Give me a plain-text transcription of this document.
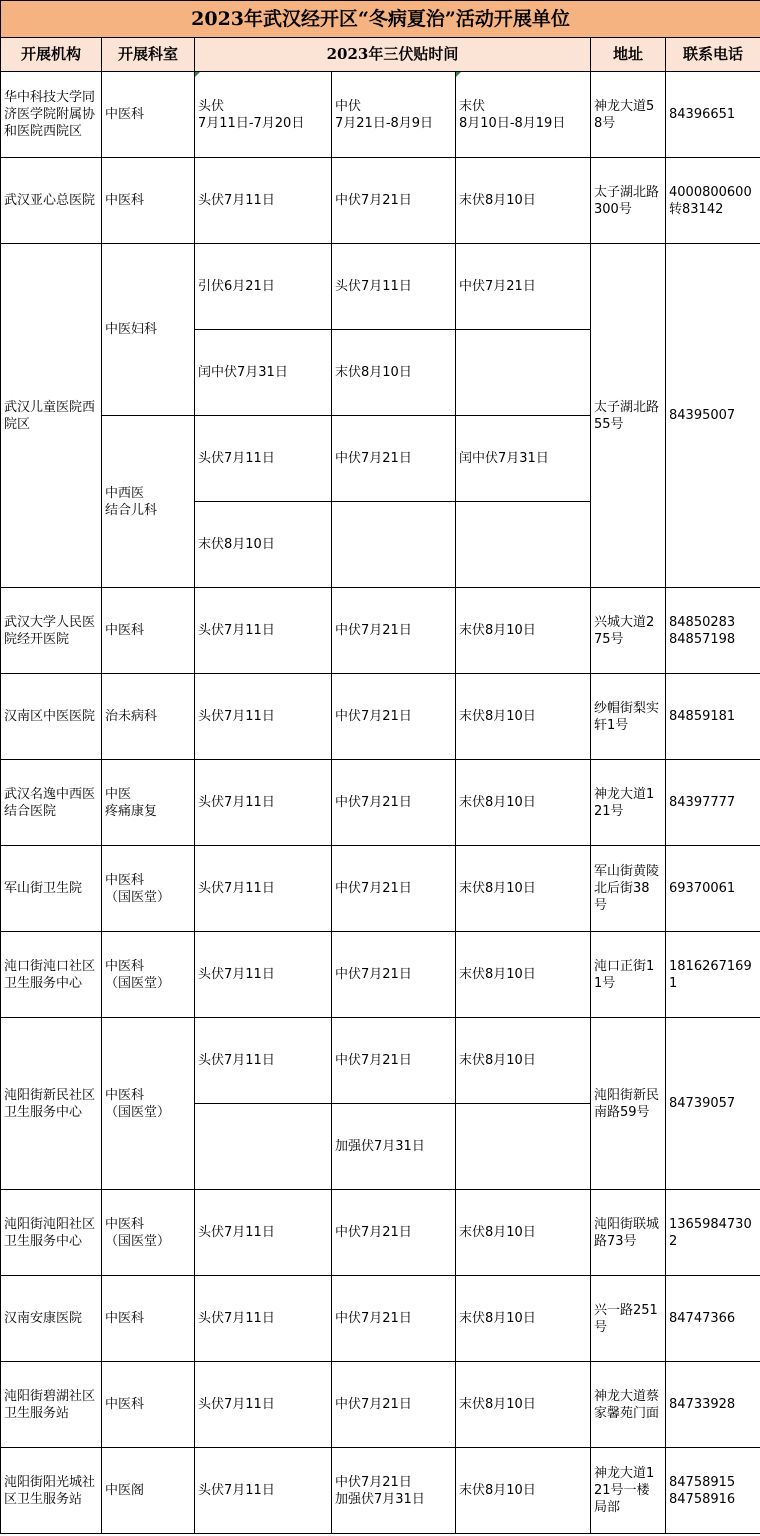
2023年武汉经开区“冬病夏治”活动开展单位						
开展机构	开展科室	2023年三伏贴时间			地址	联系电话
华中科技大学同济医学院附属协和医院西院区	中医科	头伏
7月11日-7月20日	中伏
7月21日-8月9日	末伏
8月10日-8月19日	神龙大道58号	84396651
武汉亚心总医院	中医科	头伏7月11日	中伏7月21日	末伏8月10日	太子湖北路300号	4000800600
转83142
武汉儿童医院西院区	中医妇科	引伏6月21日	头伏7月11日	中伏7月21日	太子湖北路55号	84395007
		闰中伏7月31日	末伏8月10日			
	中西医
结合儿科	头伏7月11日	中伏7月21日	闰中伏7月31日		
		末伏8月10日				
武汉大学人民医院经开医院	中医科	头伏7月11日	中伏7月21日	末伏8月10日	兴城大道275号	84850283
84857198
汉南区中医医院	治未病科	头伏7月11日	中伏7月21日	末伏8月10日	纱帽街梨实轩1号	84859181
武汉名逸中西医结合医院	中医
疼痛康复	头伏7月11日	中伏7月21日	末伏8月10日	神龙大道121号	84397777
军山街卫生院	中医科
（国医堂）	头伏7月11日	中伏7月21日	末伏8月10日	军山街黄陵北后街38号	69370061
沌口街沌口社区卫生服务中心	中医科
（国医堂）	头伏7月11日	中伏7月21日	末伏8月10日	沌口正街11号	18162671691
沌阳街新民社区卫生服务中心	中医科
（国医堂）	头伏7月11日	中伏7月21日	末伏8月10日	沌阳街新民南路59号	84739057
			加强伏7月31日			
沌阳街沌阳社区卫生服务中心	中医科
（国医堂）	头伏7月11日	中伏7月21日	末伏8月10日	沌阳街联城路73号	13659847302
汉南安康医院	中医科	头伏7月11日	中伏7月21日	末伏8月10日	兴一路251号	84747366
沌阳街碧湖社区卫生服务站	中医科	头伏7月11日	中伏7月21日	末伏8月10日	神龙大道蔡家馨苑门面	84733928
沌阳街阳光城社区卫生服务站	中医阁	头伏7月11日	中伏7月21日
加强伏7月31日	末伏8月10日	神龙大道121号一楼局部	84758915
84758916
